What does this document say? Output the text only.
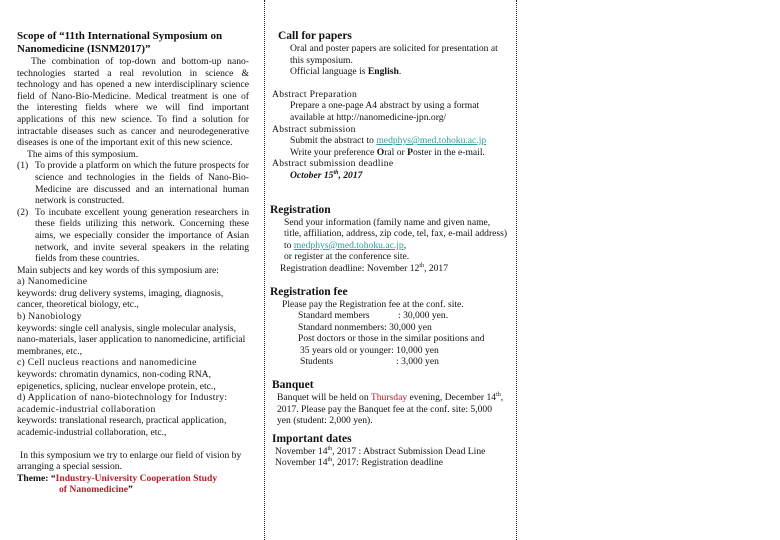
Scope of “11th International Symposium on
Nanomedicine (ISNM2017)”

The combination of top-down and bottom-up nano-technologies started a real revolution in science & technology and has opened a new interdisciplinary science field of Nano-Bio-Medicine. Medical treatment is one of the interesting fields where we will find important applications of this new science. To find a solution for intractable diseases such as cancer and neurodegenerative diseases is one of the important exit of this new science.

The aims of this symposium.

(1) To provide a platform on which the future prospects for science and technologies in the fields of Nano-Bio-Medicine are discussed and an international human network is constructed.
(2) To incubate excellent young generation researchers in these fields utilizing this network. Concerning these aims, we especially consider the importance of Asian network, and invite several speakers in the relating fields from these countries.

Main subjects and key words of this symposium are:

a) Nanomedicine

keywords: drug delivery systems, imaging, diagnosis, cancer, theoretical biology, etc.,

b) Nanobiology

keywords: single cell analysis, single molecular analysis, nano-materials, laser application to nanomedicine, artificial membranes, etc.,

c) Cell nucleus reactions and nanomedicine

keywords: chromatin dynamics, non-coding RNA, epigenetics, splicing, nuclear envelope protein, etc.,

d) Application of nano-biotechnology for Industry:

academic-industrial collaboration

keywords: translational research, practical application, academic-industrial collaboration, etc.,

In this symposium we try to enlarge our field of vision by arranging a special session.

Theme: “Industry-University Cooperation Study
of Nanomedicine”

Call for papers

Oral and poster papers are solicited for presentation at this symposium.

Official language is English.

Abstract Preparation

Prepare a one-page A4 abstract by using a format available at http://nanomedicine-jpn.org/

Abstract submission

Submit the abstract to medphys@med.tohoku.ac.jp

Write your preference Oral or Poster in the e-mail.

Abstract submission deadline

October 15th, 2017

Registration

Send your information (family name and given name, title, affiliation, address, zip code, tel, fax, e-mail address) to medphys@med.tohoku.ac.jp,

or register at the conference site.

Registration deadline: November 12th, 2017

Registration fee

Please pay the Registration fee at the conf. site.

Standard members	: 30,000 yen.
Standard nonmembers : 30,000 yen

Post doctors or those in the similar positions and

35 years old or younger: 10,000 yen

Students	: 3,000 yen

Banquet

Banquet will be held on Thursday evening, December 14th, 2017. Please pay the Banquet fee at the conf. site: 5,000 yen (student: 2,000 yen).

Important dates

November 14th, 2017 : Abstract Submission Dead Line

November 14th, 2017: Registration deadline
